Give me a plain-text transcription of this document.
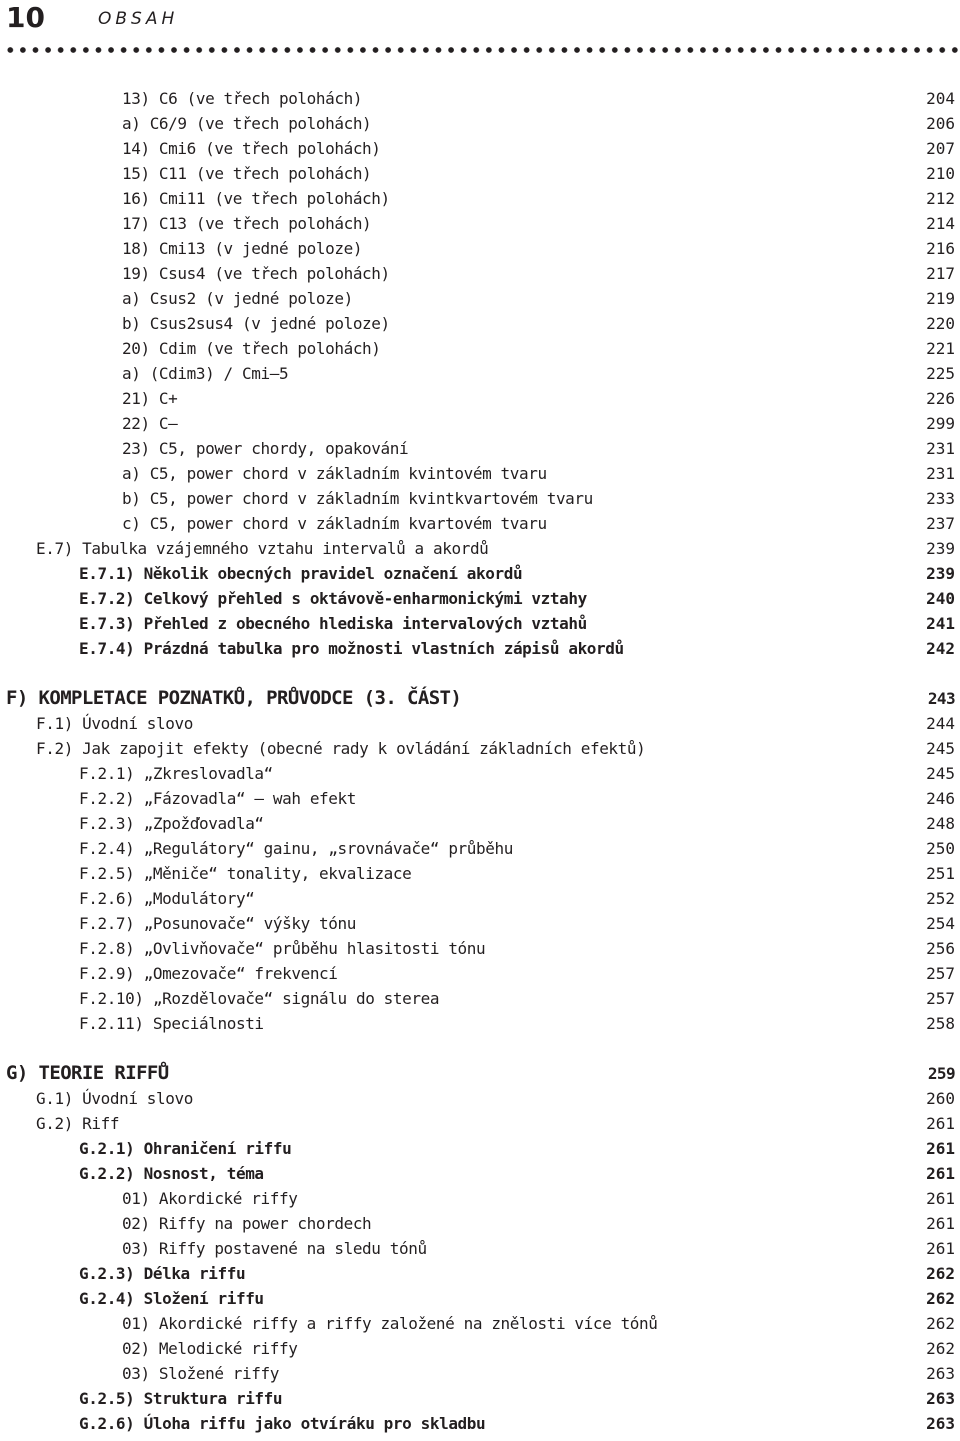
10	OBSAH
13) C6 (ve třech polohách)	204
a) C6/9 (ve třech polohách)	206
14) Cmi6 (ve třech polohách)	207
15) C11 (ve třech polohách)	210
16) Cmi11 (ve třech polohách)	212
17) C13 (ve třech polohách)	214
18) Cmi13 (v jedné poloze)	216
19) Csus4 (ve třech polohách)	217
a) Csus2 (v jedné poloze)	219
b) Csus2sus4 (v jedné poloze)	220
20) Cdim (ve třech polohách)	221
a) (Cdim3) / Cmi–5	225
21) C+	226
22) C–	299
23) C5, power chordy, opakování	231
a) C5, power chord v základním kvintovém tvaru	231
b) C5, power chord v základním kvintkvartovém tvaru	233
c) C5, power chord v základním kvartovém tvaru	237
E.7) Tabulka vzájemného vztahu intervalů a akordů	239
E.7.1) Několik obecných pravidel označení akordů	239
E.7.2) Celkový přehled s oktávově-enharmonickými vztahy	240
E.7.3) Přehled z obecného hlediska intervalových vztahů	241
E.7.4) Prázdná tabulka pro možnosti vlastních zápisů akordů	242
F) KOMPLETACE POZNATKŮ, PRŮVODCE (3. ČÁST)	243
F.1) Úvodní slovo	244
F.2) Jak zapojit efekty (obecné rady k ovládání základních efektů)	245
F.2.1) „Zkreslovadla“	245
F.2.2) „Fázovadla“ – wah efekt	246
F.2.3) „Zpožďovadla“	248
F.2.4) „Regulátory“ gainu, „srovnávače“ průběhu	250
F.2.5) „Měniče“ tonality, ekvalizace	251
F.2.6) „Modulátory“	252
F.2.7) „Posunovače“ výšky tónu	254
F.2.8) „Ovlivňovače“ průběhu hlasitosti tónu	256
F.2.9) „Omezovače“ frekvencí	257
F.2.10) „Rozdělovače“ signálu do sterea	257
F.2.11) Speciálnosti	258
G) TEORIE RIFFŮ	259
G.1) Úvodní slovo	260
G.2) Riff	261
G.2.1) Ohraničení riffu	261
G.2.2) Nosnost, téma	261
01) Akordické riffy	261
02) Riffy na power chordech	261
03) Riffy postavené na sledu tónů	261
G.2.3) Délka riffu	262
G.2.4) Složení riffu	262
01) Akordické riffy a riffy založené na znělosti více tónů	262
02) Melodické riffy	262
03) Složené riffy	263
G.2.5) Struktura riffu	263
G.2.6) Úloha riffu jako otvíráku pro skladbu	263
